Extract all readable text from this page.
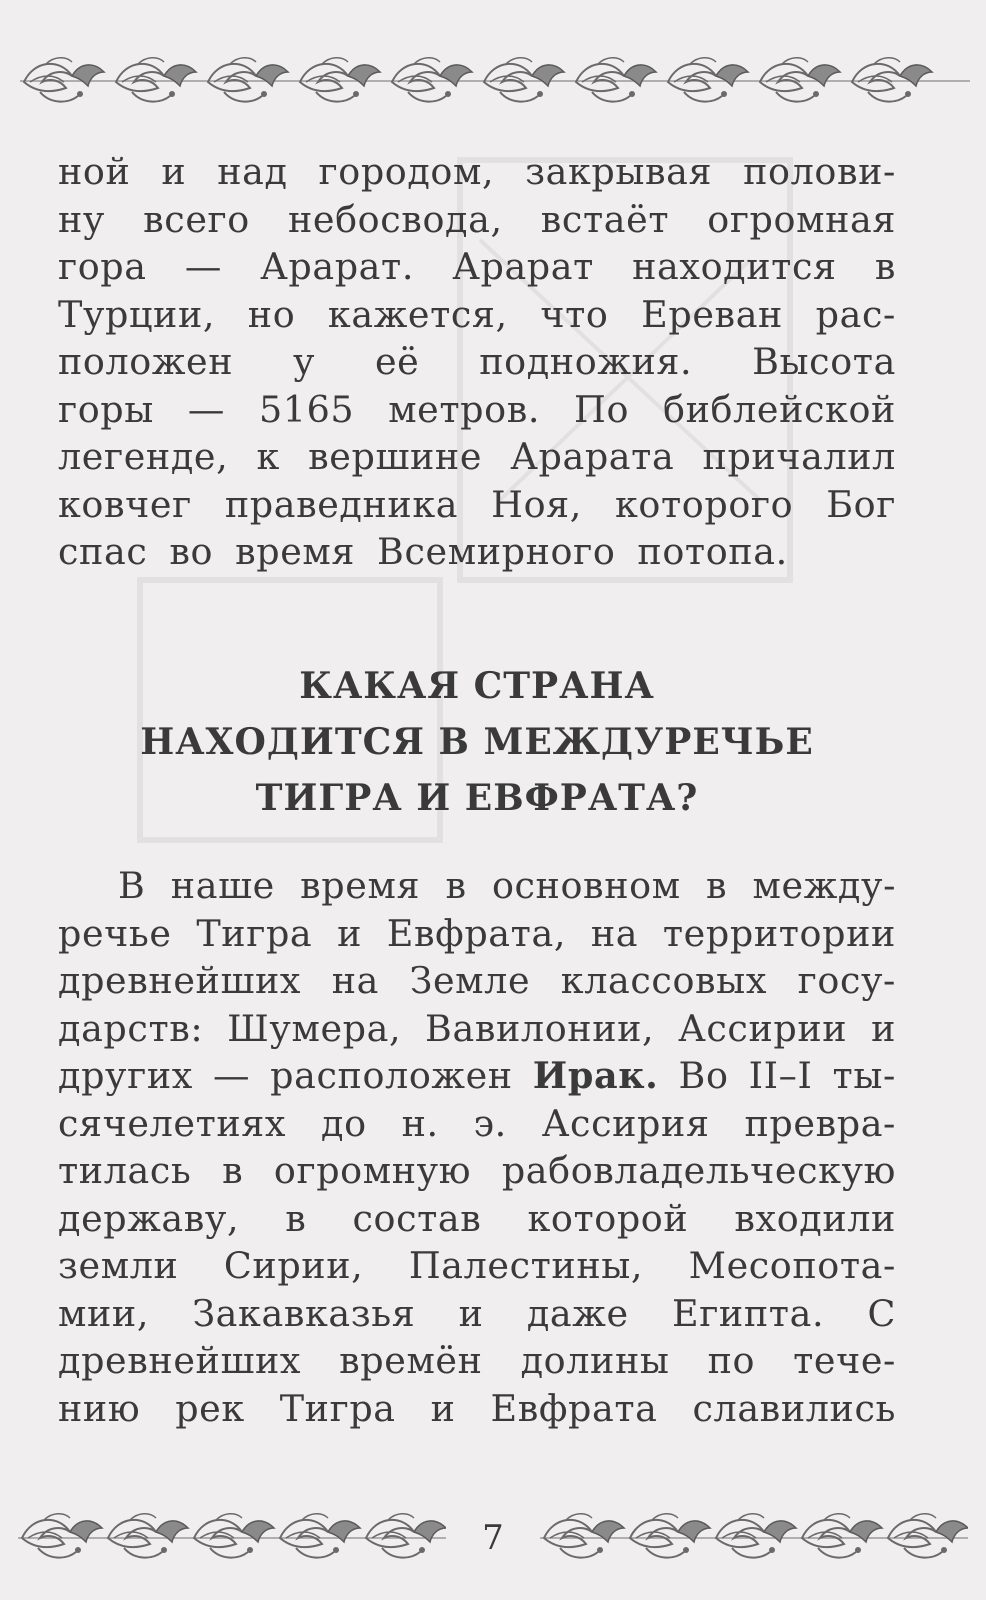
ной и над городом, закрывая полови-
ну всего небосвода, встаёт огромная
гора — Арарат. Арарат находится в
Турции, но кажется, что Ереван рас-
положен у её подножия. Высота
горы — 5165 метров. По библейской
легенде, к вершине Арарата причалил
ковчег праведника Ноя, которого Бог
спас во время Всемирного потопа.
КАКАЯ СТРАНА
НАХОДИТСЯ В МЕЖДУРЕЧЬЕ
ТИГРА И ЕВФРАТА?
В наше время в основном в между-
речье Тигра и Евфрата, на территории
древнейших на Земле классовых госу-
дарств: Шумера, Вавилонии, Ассирии и
других — расположен Ирак. Во II–I ты-
сячелетиях до н. э. Ассирия превра-
тилась в огромную рабовладельческую
державу, в состав которой входили
земли Сирии, Палестины, Месопота-
мии, Закавказья и даже Египта. С
древнейших времён долины по тече-
нию рек Тигра и Евфрата славились
7
